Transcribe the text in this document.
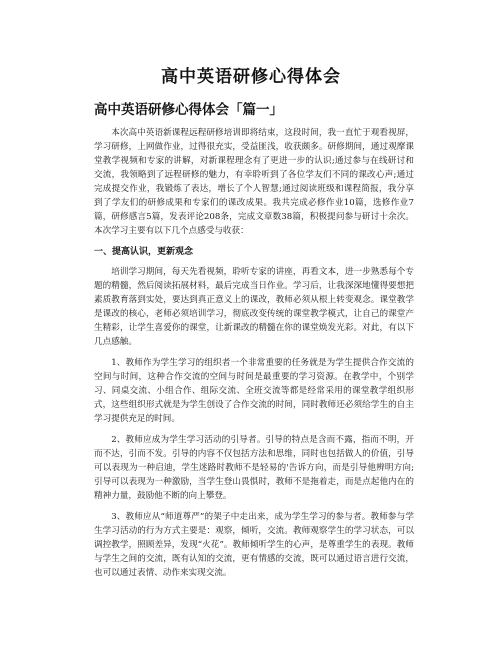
高中英语研修心得体会
高中英语研修心得体会「篇一」

本次高中英语新课程远程研修培训即将结束，这段时间，我一直忙于观看视屏，学习研修，上网做作业，过得很充实，受益匪浅，收获颇多。研修期间，通过观摩课堂教学视频和专家的讲解，对新课程理念有了更进一步的认识;通过参与在线研讨和交流，我领略到了远程研修的魅力，有幸聆听到了各位学友们不同的课改心声;通过完成提交作业，我锻炼了表达，增长了个人智慧;通过阅读班级和课程简报，我分享到了学友们的研修成果和专家们的课改成果。我共完成必修作业10篇，选修作业7篇，研修感言5篇，发表评论208条，完成文章数38篇，积极提问参与研讨十余次。本次学习主要有以下几个点感受与收获：

一、提高认识，更新观念

培训学习期间，每天先看视频，聆听专家的讲座，再看文本，进一步熟悉每个专题的精髓，然后阅读拓展材料，最后完成当日作业。学习后，让我深深地懂得要想把素质教育落到实处，要达到真正意义上的课改，教师必须从根上转变观念。课堂教学是课改的核心，老师必须培训学习，彻底改变传统的课堂教学模式，让自己的课堂产生精彩，让学生喜爱你的课堂，让新课改的精髓在你的课堂焕发光彩。对此，有以下几点感触。

1、教师作为学生学习的组织者一个非常重要的任务就是为学生提供合作交流的空间与时间，这种合作交流的空间与时间是最重要的学习资源。在教学中，个别学习、同桌交流、小组合作、组际交流、全班交流等都是经常采用的课堂教学组织形式，这些组织形式就是为学生创设了合作交流的时间，同时教师还必须给学生的自主学习提供充足的时间。

2、教师应成为学生学习活动的引导者。引导的特点是含而不露，指而不明，开而不达，引而不发。引导的内容不仅包括方法和思维，同时也包括做人的价值，引导可以表现为一种启迪，学生迷路时教师不是轻易的'告诉方向，而是引导他辨明方向;引导可以表现为一种激励，当学生登山畏惧时，教师不是拖着走，而是点起他内在的精神力量，鼓励他不断的向上攀登。

3、教师应从“师道尊严”的架子中走出来，成为学生学习的参与者。教师参与学生学习活动的行为方式主要是：观察，倾听，交流。教师观察学生的学习状态，可以调控教学，照顾差异，发现“火花”。教师倾听学生的心声，是尊重学生的表现。教师与学生之间的交流，既有认知的交流，更有情感的交流，既可以通过语言进行交流，也可以通过表情、动作来实现交流。
